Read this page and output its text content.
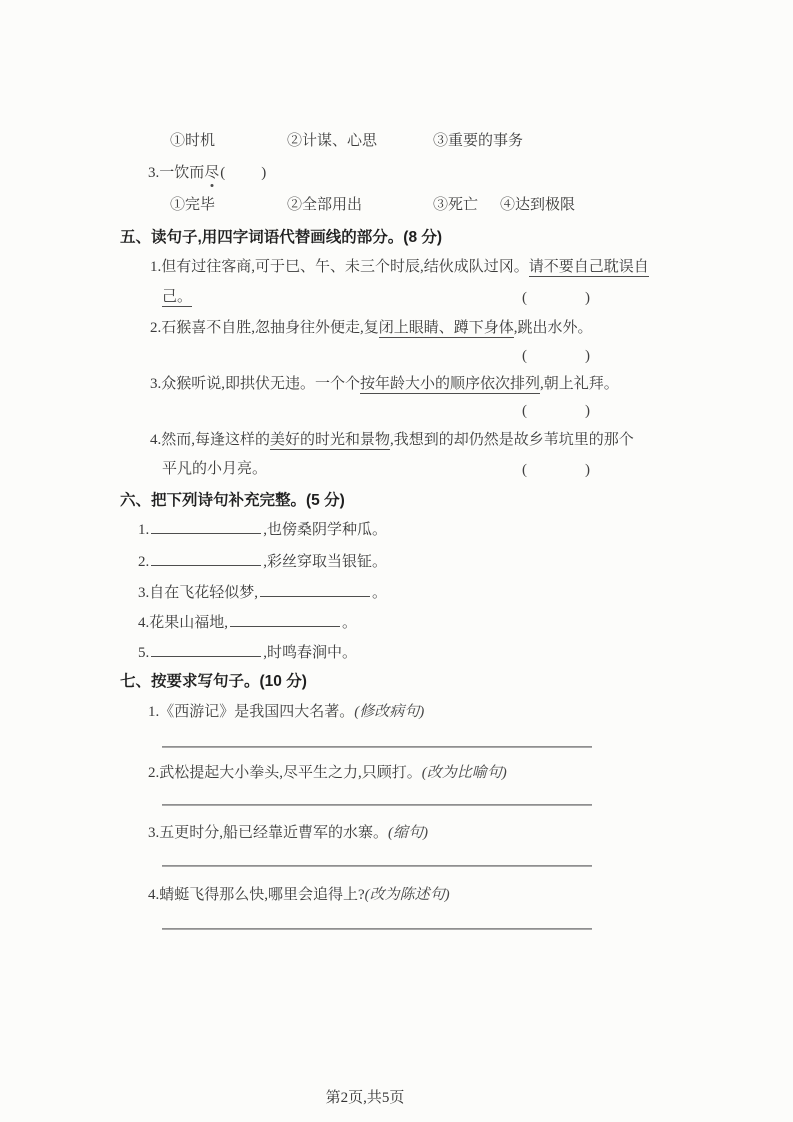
①时机	②计谋、心思	③重要的事务
3.一饮而尽 ( )
①完毕	②全部用出	③死亡 ④达到极限
五、读句子,用四字词语代替画线的部分。(8 分)
1.但有过往客商,可于巳、午、未三个时辰,结伙成队过冈。请不要自己耽误自
己。	(	)
2.石猴喜不自胜,忽抽身往外便走,复闭上眼睛、蹲下身体,跳出水外。
(	)
3.众猴听说,即拱伏无违。一个个按年龄大小的顺序依次排列,朝上礼拜。
(	)
4.然而,每逢这样的美好的时光和景物,我想到的却仍然是故乡苇坑里的那个
平凡的小月亮。	(	)
六、把下列诗句补充完整。(5 分)
1.	,也傍桑阴学种瓜。
2.	,彩丝穿取当银钲。
3.自在飞花轻似梦,	。
4.花果山福地,	。
5.	,时鸣春涧中。
七、按要求写句子。(10 分)
1.《西游记》是我国四大名著。(修改病句)
2.武松提起大小拳头,尽平生之力,只顾打。(改为比喻句)
3.五更时分,船已经靠近曹军的水寨。(缩句)
4.蜻蜓飞得那么快,哪里会追得上?(改为陈述句)
第2页,共5页
